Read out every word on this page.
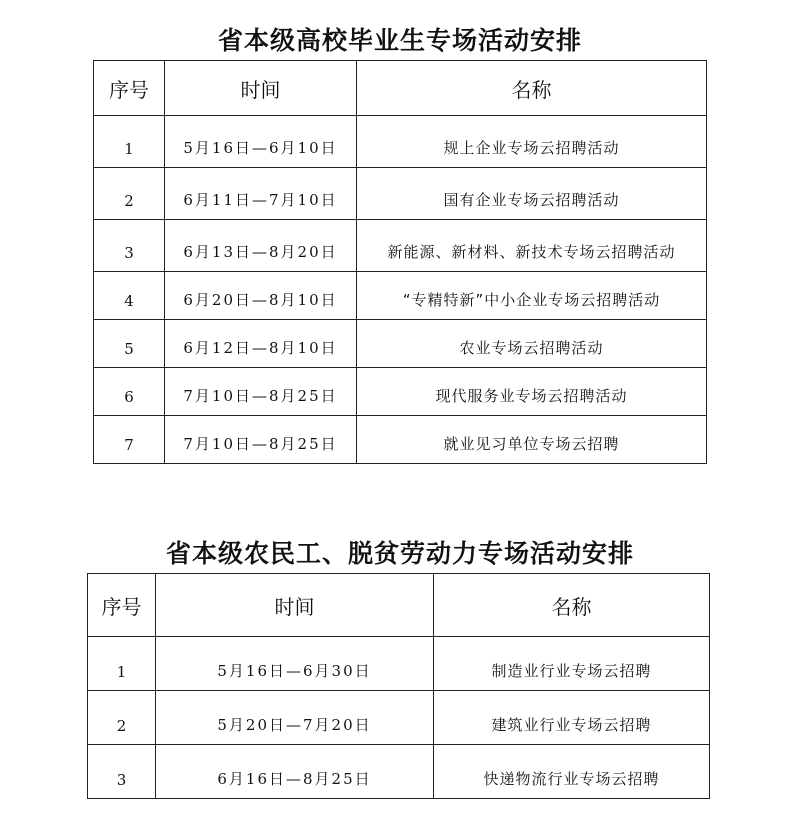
省本级高校毕业生专场活动安排
序号	时间	名称
1	5月16日—6月10日	规上企业专场云招聘活动
2	6月11日—7月10日	国有企业专场云招聘活动
3	6月13日—8月20日	新能源、新材料、新技术专场云招聘活动
4	6月20日—8月10日	“专精特新”中小企业专场云招聘活动
5	6月12日—8月10日	农业专场云招聘活动
6	7月10日—8月25日	现代服务业专场云招聘活动
7	7月10日—8月25日	就业见习单位专场云招聘
省本级农民工、脱贫劳动力专场活动安排
序号	时间	名称
1	5月16日—6月30日	制造业行业专场云招聘
2	5月20日—7月20日	建筑业行业专场云招聘
3	6月16日—8月25日	快递物流行业专场云招聘
